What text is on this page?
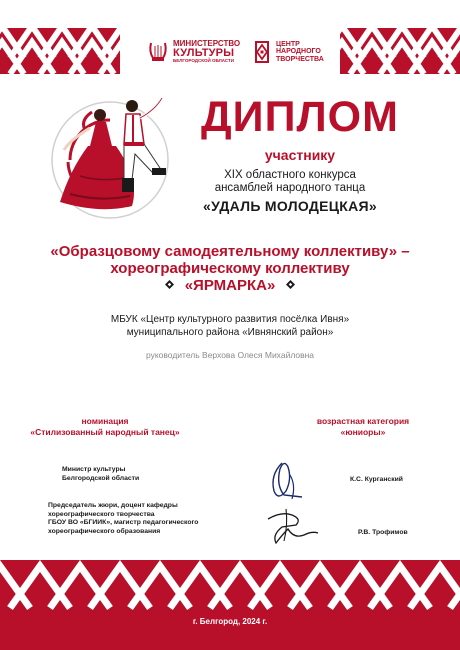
МИНИСТЕРСТВО
КУЛЬТУРЫ
БЕЛГОРОДСКОЙ ОБЛАСТИ
ЦЕНТР
НАРОДНОГО
ТВОРЧЕСТВА
ДИПЛОМ
участнику
XIX областного конкурса
ансамблей народного танца
«УДАЛЬ МОЛОДЕЦКАЯ»
«Образцовому самодеятельному коллективу» –
хореографическому коллективу
«ЯРМАРКА»
МБУК «Центр культурного развития посёлка Ивня»
муниципального района «Ивнянский район»
руководитель Верхова Олеся Михайловна
номинация
«Стилизованный народный танец»
возрастная категория
«юниоры»
Министр культуры
Белгородской области	К.С. Курганский
Председатель жюри, доцент кафедры
хореографического творчества
ГБОУ ВО «БГИИК», магистр педагогического
хореографического образования	Р.В. Трофимов
г. Белгород, 2024 г.
